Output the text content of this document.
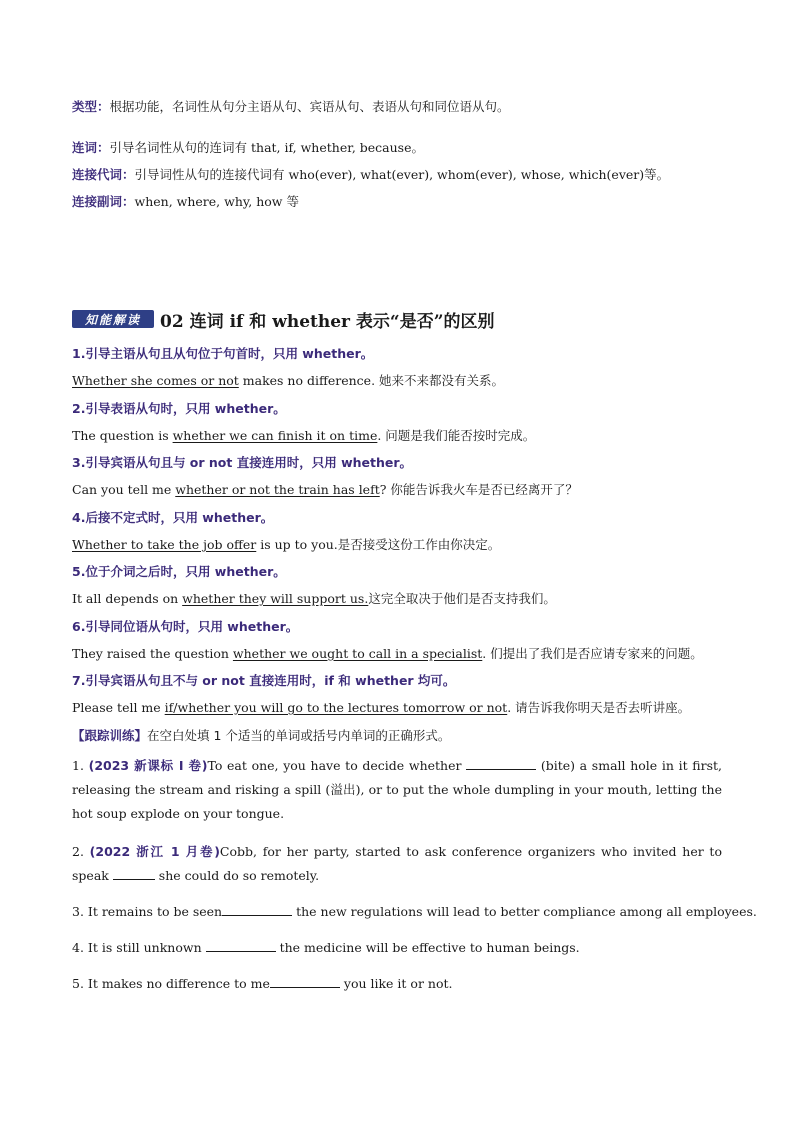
类型：根据功能，名词性从句分主语从句、宾语从句、表语从句和同位语从句。
连词：引导名词性从句的连词有 that, if, whether, because。
连接代词：引导词性从句的连接代词有 who(ever), what(ever), whom(ever), whose, which(ever)等。
连接副词：when, where, why, how 等
知能解读	02 连词 if 和 whether 表示“是否”的区别
1.引导主语从句且从句位于句首时，只用 whether。
Whether she comes or not makes no difference. 她来不来都没有关系。
2.引导表语从句时，只用 whether。
The question is whether we can finish it on time. 问题是我们能否按时完成。
3.引导宾语从句且与 or not 直接连用时，只用 whether。
Can you tell me whether or not the train has left? 你能告诉我火车是否已经离开了？
4.后接不定式时，只用 whether。
Whether to take the job offer is up to you.是否接受这份工作由你决定。
5.位于介词之后时，只用 whether。
It all depends on whether they will support us.这完全取决于他们是否支持我们。
6.引导同位语从句时，只用 whether。
They raised the question whether we ought to call in a specialist. 们提出了我们是否应请专家来的问题。
7.引导宾语从句且不与 or not 直接连用时，if 和 whether 均可。
Please tell me if/whether you will go to the lectures tomorrow or not. 请告诉我你明天是否去听讲座。
【跟踪训练】在空白处填 1 个适当的单词或括号内单词的正确形式。
1. (2023 新课标 I 卷)To eat one, you have to decide whether	(bite) a small hole in it first, releasing the stream and risking a spill (溢出), or to put the whole dumpling in your mouth, letting the hot soup explode on your tongue.
2. (2022 浙江 1 月卷)Cobb, for her party, started to ask conference organizers who invited her to speak	she could do so remotely.
3. It remains to be seen	the new regulations will lead to better compliance among all employees.
4. It is still unknown	the medicine will be effective to human beings.
5. It makes no difference to me	you like it or not.
